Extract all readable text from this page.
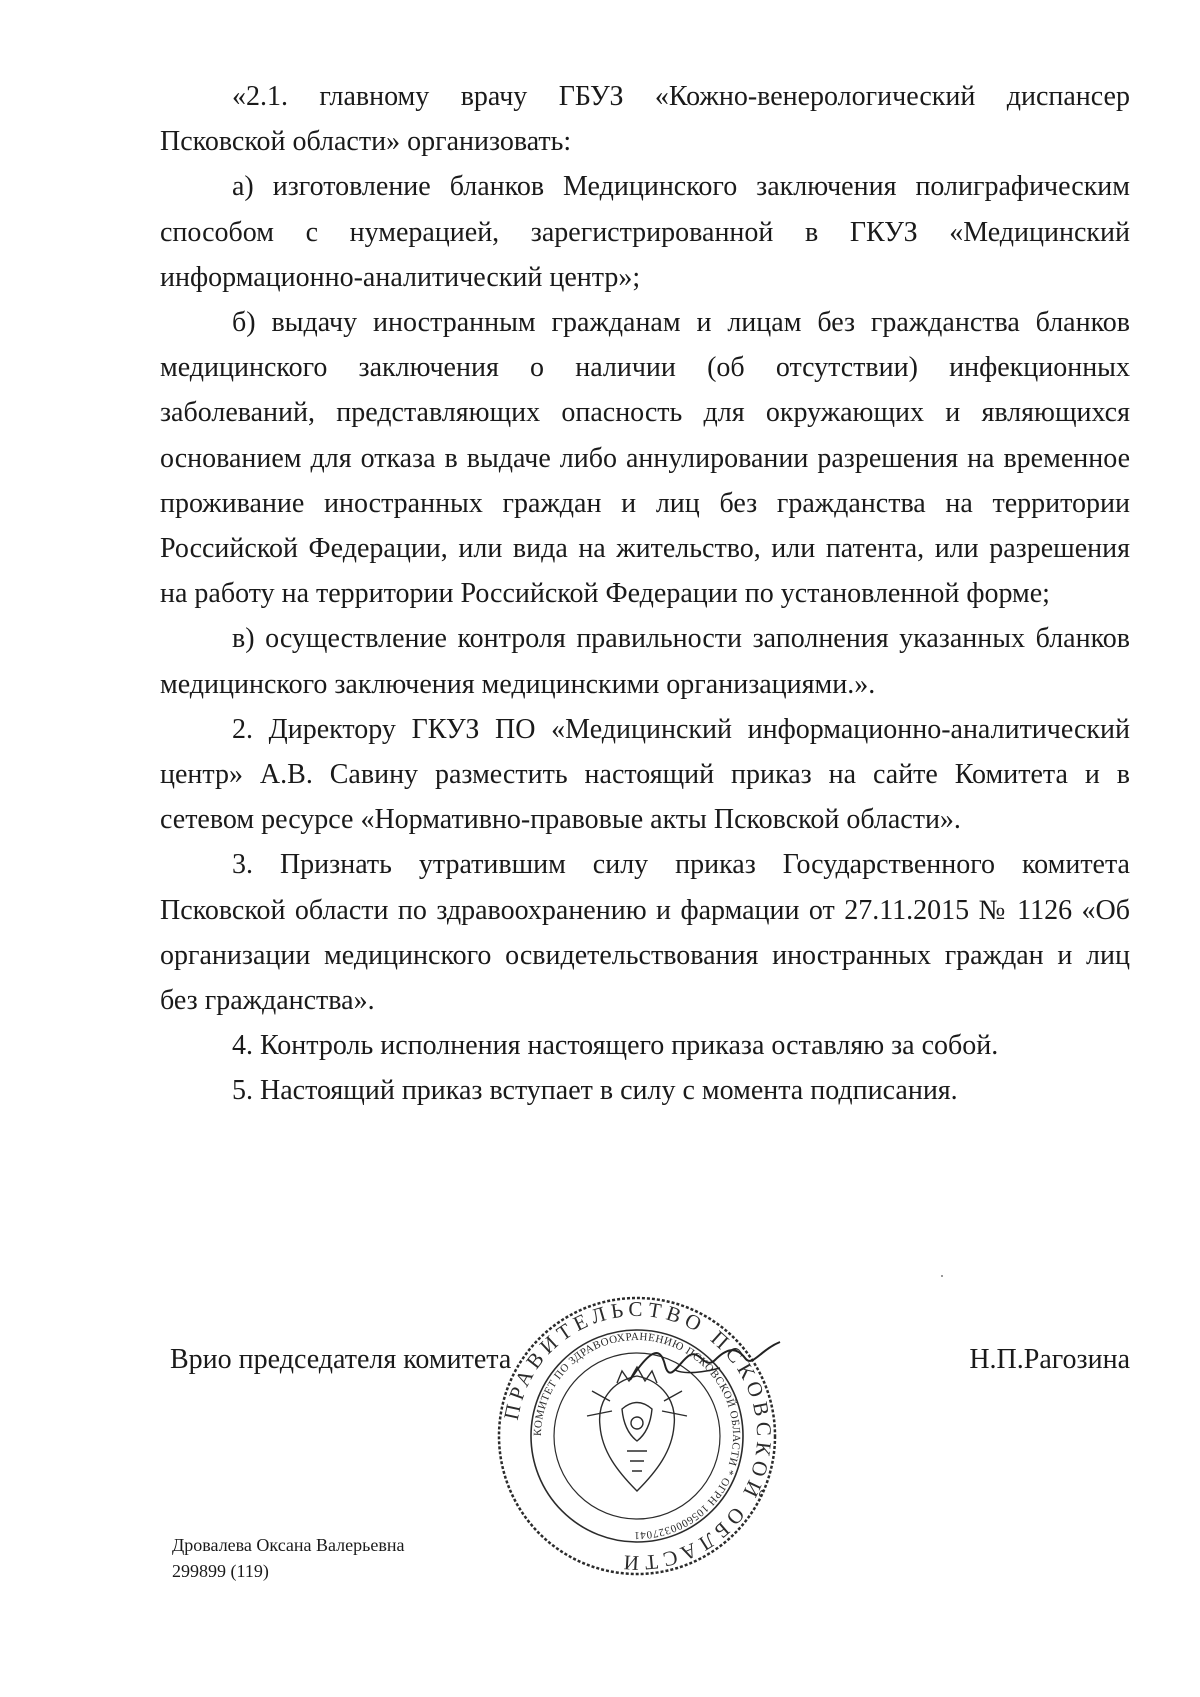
«2.1. главному врачу ГБУЗ «Кожно-венерологический диспансер Псковской области» организовать:

а) изготовление бланков Медицинского заключения полиграфическим способом с нумерацией, зарегистрированной в ГКУЗ «Медицинский информационно-аналитический центр»;

б) выдачу иностранным гражданам и лицам без гражданства бланков медицинского заключения о наличии (об отсутствии) инфекционных заболеваний, представляющих опасность для окружающих и являющихся основанием для отказа в выдаче либо аннулировании разрешения на временное проживание иностранных граждан и лиц без гражданства на территории Российской Федерации, или вида на жительство, или патента, или разрешения на работу на территории Российской Федерации по установленной форме;

в) осуществление контроля правильности заполнения указанных бланков медицинского заключения медицинскими организациями.».

2. Директору ГКУЗ ПО «Медицинский информационно-аналитический центр» А.В. Савину разместить настоящий приказ на сайте Комитета и в сетевом ресурсе «Нормативно-правовые акты Псковской области».

3. Признать утратившим силу приказ Государственного комитета Псковской области по здравоохранению и фармации от 27.11.2015 № 1126 «Об организации медицинского освидетельствования иностранных граждан и лиц без гражданства».

4. Контроль исполнения настоящего приказа оставляю за собой.

5. Настоящий приказ вступает в силу с момента подписания.

Врио председателя комитета	Н.П.Рагозина
ПРАВИТЕЛЬСТВО ПСКОВСКОЙ ОБЛАСТИ
КОМИТЕТ ПО ЗДРАВООХРАНЕНИЮ ПСКОВСКОЙ ОБЛАСТИ * ОГРН 1056000327041
Дровалева Оксана Валерьевна
299899 (119)
